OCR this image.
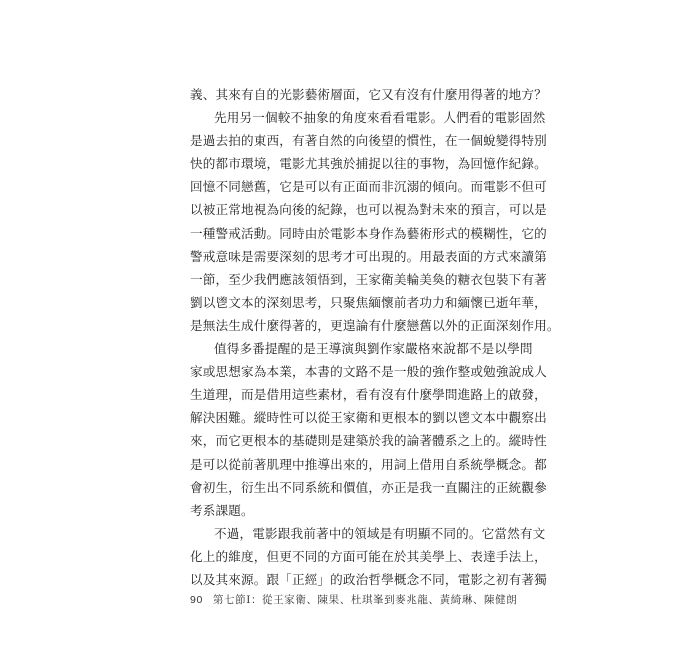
義、其來有自的光影藝術層面，它又有沒有什麼用得著的地方？
先用另一個較不抽象的角度來看看電影。人們看的電影固然
是過去拍的東西，有著自然的向後望的慣性，在一個蛻變得特別
快的都市環境，電影尤其強於捕捉以往的事物，為回憶作紀錄。
回憶不同戀舊，它是可以有正面而非沉溺的傾向。而電影不但可
以被正常地視為向後的紀錄，也可以視為對未來的預言，可以是
一種警戒活動。同時由於電影本身作為藝術形式的模糊性，它的
警戒意味是需要深刻的思考才可出現的。用最表面的方式來讀第
一節，至少我們應該領悟到，王家衛美輪美奐的糖衣包裝下有著
劉以鬯文本的深刻思考，只聚焦緬懷前者功力和緬懷已逝年華，
是無法生成什麼得著的，更遑論有什麼戀舊以外的正面深刻作用。
值得多番提醒的是王導演與劉作家嚴格來說都不是以學問
家或思想家為本業，本書的文路不是一般的強作整或勉強說成人
生道理，而是借用這些素材，看有沒有什麼學問進路上的啟發，
解決困難。縱時性可以從王家衛和更根本的劉以鬯文本中觀察出
來，而它更根本的基礎則是建築於我的論著體系之上的。縱時性
是可以從前著肌理中推導出來的，用詞上借用自系統學概念。都
會初生，衍生出不同系統和價值，亦正是我一直關注的正統觀參
考系課題。
不過，電影跟我前著中的領域是有明顯不同的。它當然有文
化上的維度，但更不同的方面可能在於其美學上、表達手法上，
以及其來源。跟「正經」的政治哲學概念不同，電影之初有著獨
90 第七節I：從王家衛、陳果、杜琪峯到麥兆龍、黃綺琳、陳健朗
